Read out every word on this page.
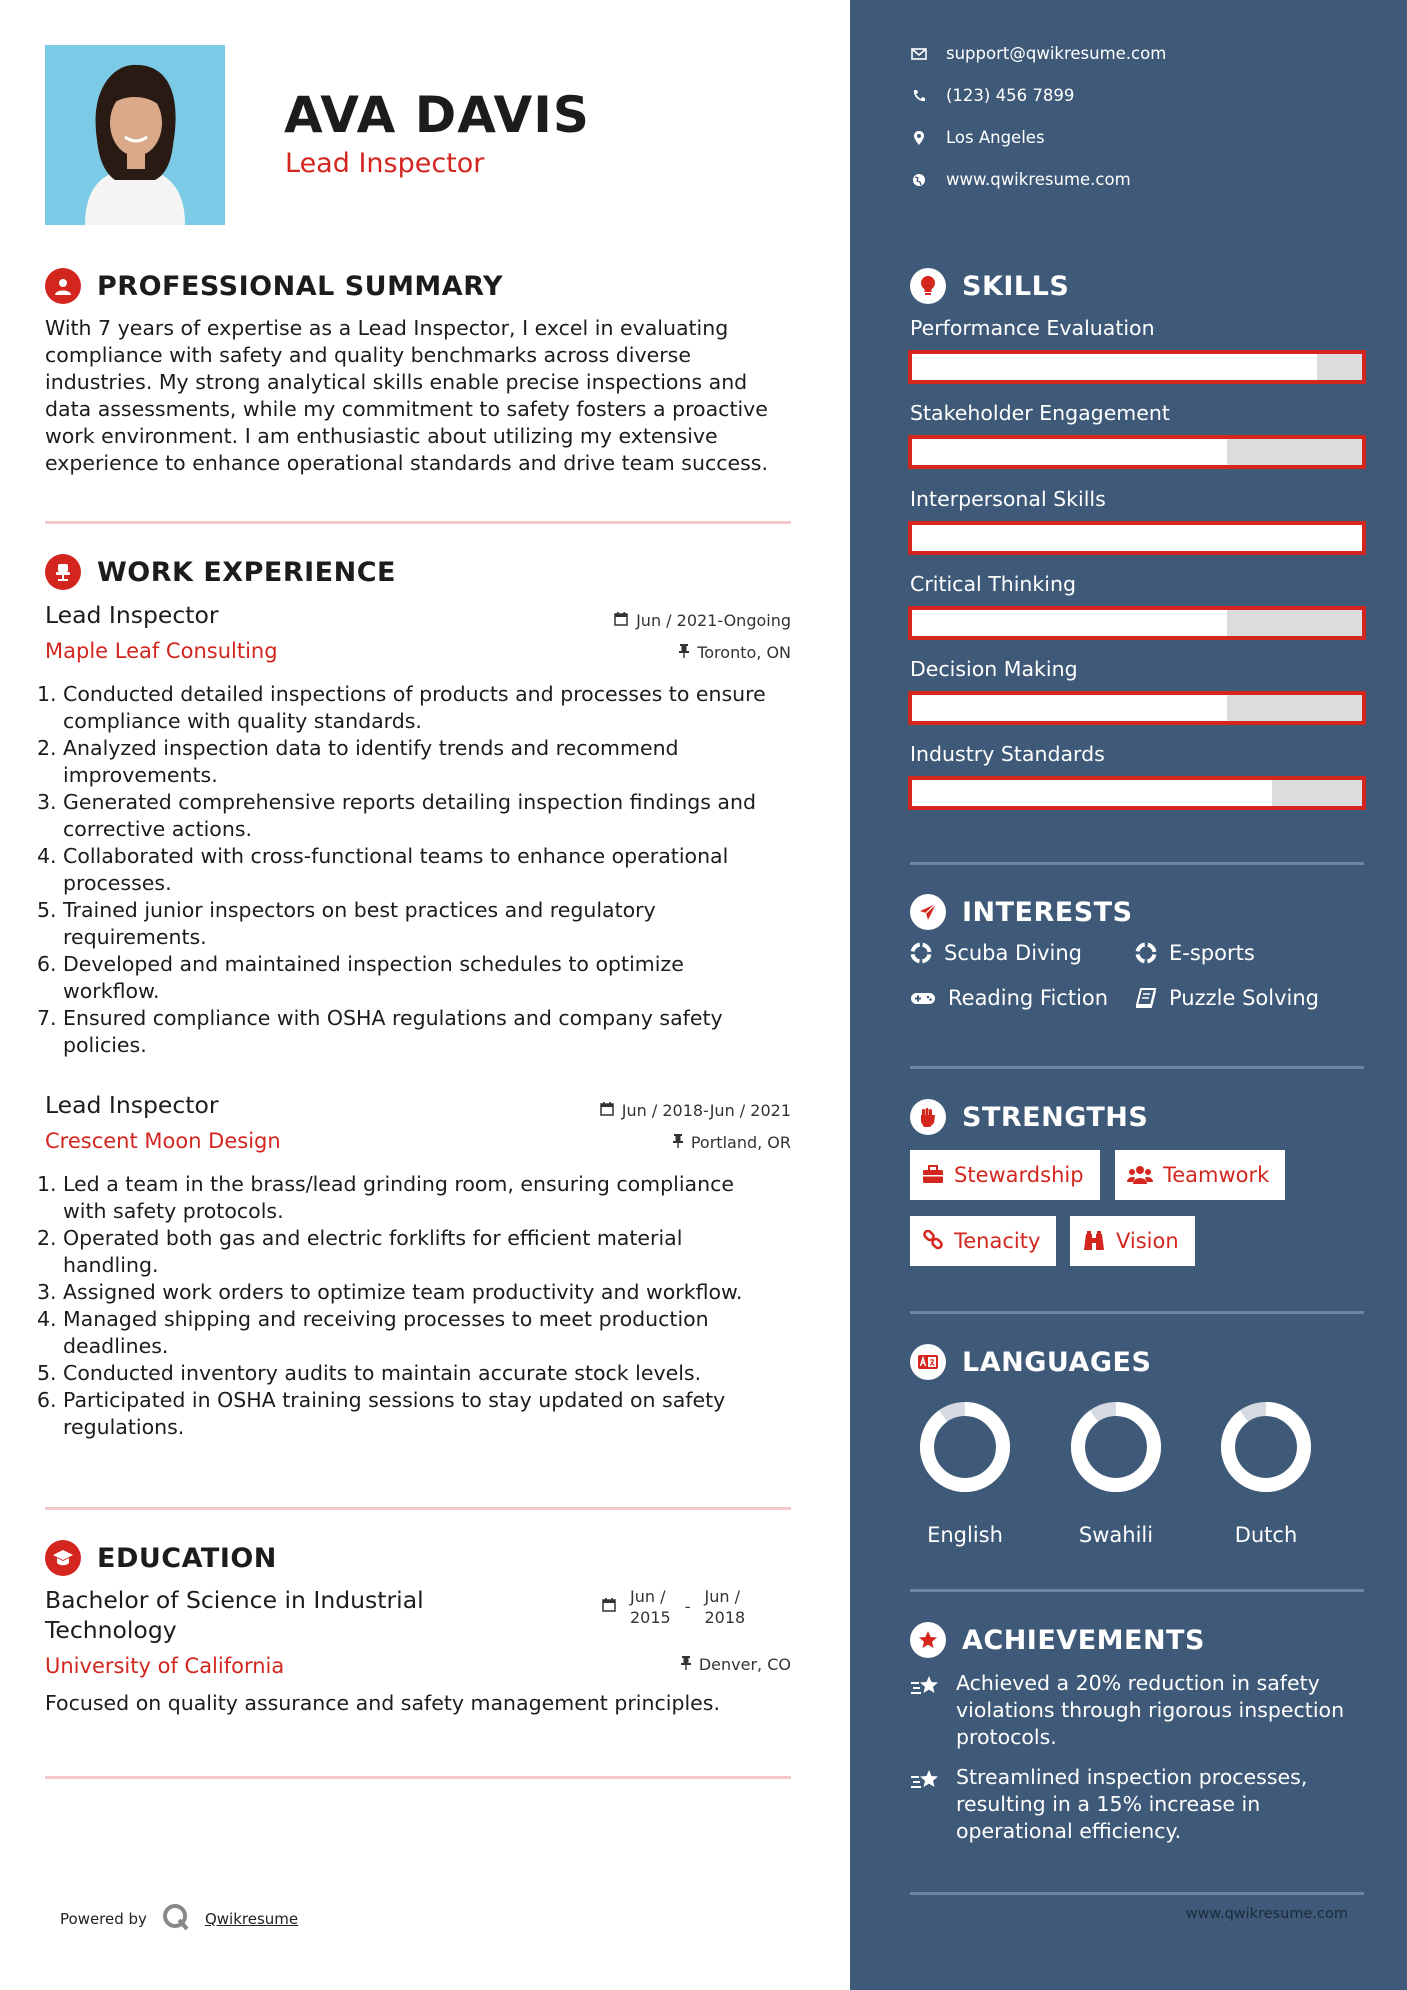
AVA DAVIS
Lead Inspector
PROFESSIONAL SUMMARY
With 7 years of expertise as a Lead Inspector, I excel in evaluating
compliance with safety and quality benchmarks across diverse
industries. My strong analytical skills enable precise inspections and
data assessments, while my commitment to safety fosters a proactive
work environment. I am enthusiastic about utilizing my extensive
experience to enhance operational standards and drive team success.
WORK EXPERIENCE
Lead Inspector	Jun / 2021-Ongoing
Maple Leaf Consulting	Toronto, ON
1. Conducted detailed inspections of products and processes to ensure
compliance with quality standards.
2. Analyzed inspection data to identify trends and recommend
improvements.
3. Generated comprehensive reports detailing inspection findings and
corrective actions.
4. Collaborated with cross-functional teams to enhance operational
processes.
5. Trained junior inspectors on best practices and regulatory
requirements.
6. Developed and maintained inspection schedules to optimize
workflow.
7. Ensured compliance with OSHA regulations and company safety
policies.
Lead Inspector	Jun / 2018-Jun / 2021
Crescent Moon Design	Portland, OR
1. Led a team in the brass/lead grinding room, ensuring compliance
with safety protocols.
2. Operated both gas and electric forklifts for efficient material
handling.
3. Assigned work orders to optimize team productivity and workflow.
4. Managed shipping and receiving processes to meet production
deadlines.
5. Conducted inventory audits to maintain accurate stock levels.
6. Participated in OSHA training sessions to stay updated on safety
regulations.
EDUCATION
Bachelor of Science in Industrial
Technology
Jun /
2015
-
Jun /
2018
University of California	Denver, CO
Focused on quality assurance and safety management principles.
Powered by	Qwikresume
support@qwikresume.com
(123) 456 7899
Los Angeles
www.qwikresume.com
SKILLS
Performance Evaluation
Stakeholder Engagement
Interpersonal Skills
Critical Thinking
Decision Making
Industry Standards
INTERESTS
Scuba Diving	E-sports
Reading Fiction	Puzzle Solving
STRENGTHS
Stewardship	Teamwork
Tenacity	Vision
LANGUAGES
English	Swahili	Dutch
ACHIEVEMENTS
Achieved a 20% reduction in safety
violations through rigorous inspection
protocols.
Streamlined inspection processes,
resulting in a 15% increase in
operational efficiency.
www.qwikresume.com
